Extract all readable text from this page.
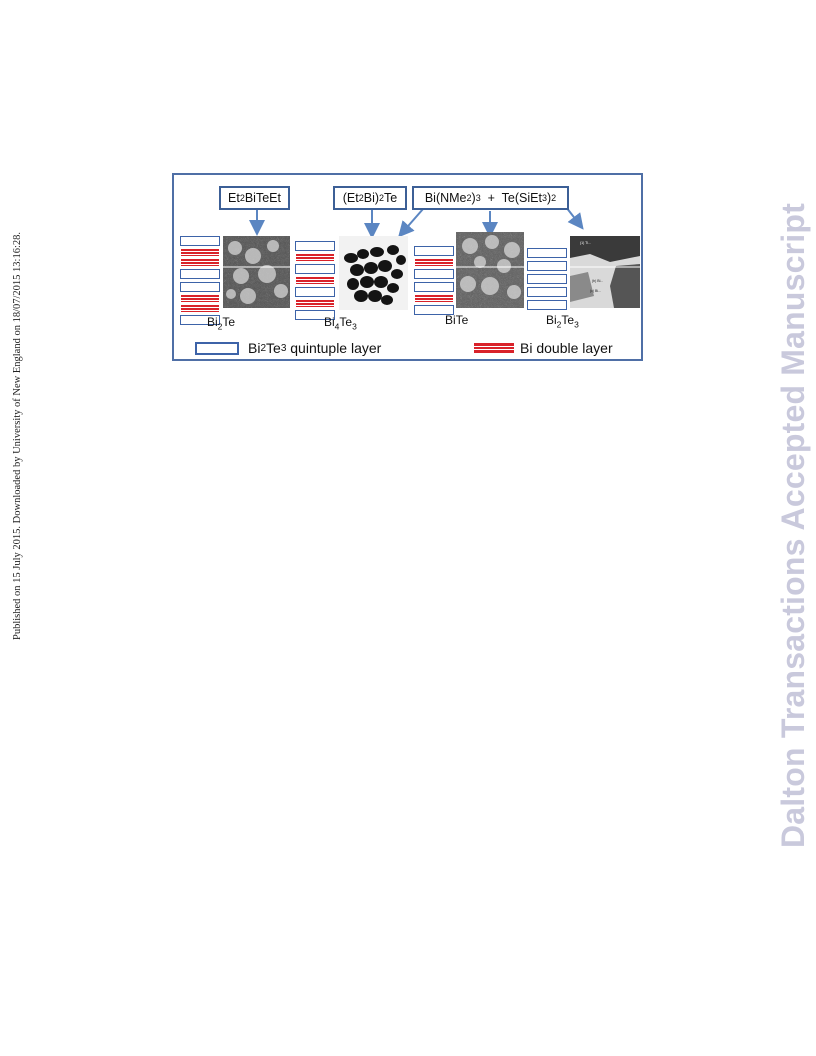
Published on 15 July 2015. Downloaded by University of New England on 18/07/2015 13:16:28.	Dalton Transactions Accepted Manuscript
Et 2 BiTeEt	(Et 2 Bi) 2 Te Bi(NMe 2 ) 3 +  Te(SiEt 3 ) 2
(1) Ti...
(b) Bi...
(c) Bi...
$Bi_2Te$	$Bi_4Te_3$	BiTe	$Bi_2Te_3$
Bi 2 Te 3 quintuple layer	Bi double layer
